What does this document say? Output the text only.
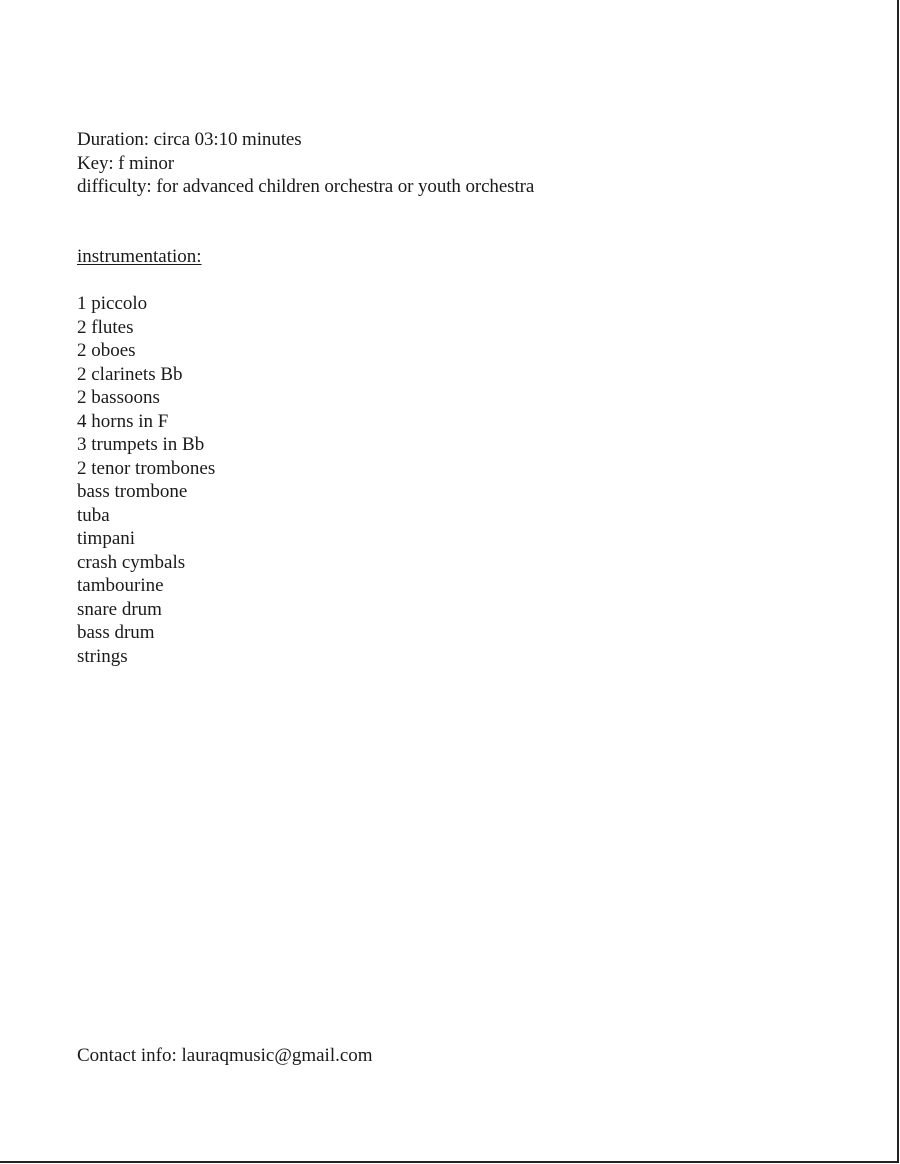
Duration: circa 03:10 minutes
Key: f minor
difficulty: for advanced children orchestra or youth orchestra
instrumentation:
1 piccolo
2 flutes
2 oboes
2 clarinets Bb
2 bassoons
4 horns in F
3 trumpets in Bb
2 tenor trombones
bass trombone
tuba
timpani
crash cymbals
tambourine
snare drum
bass drum
strings
Contact info: lauraqmusic@gmail.com
